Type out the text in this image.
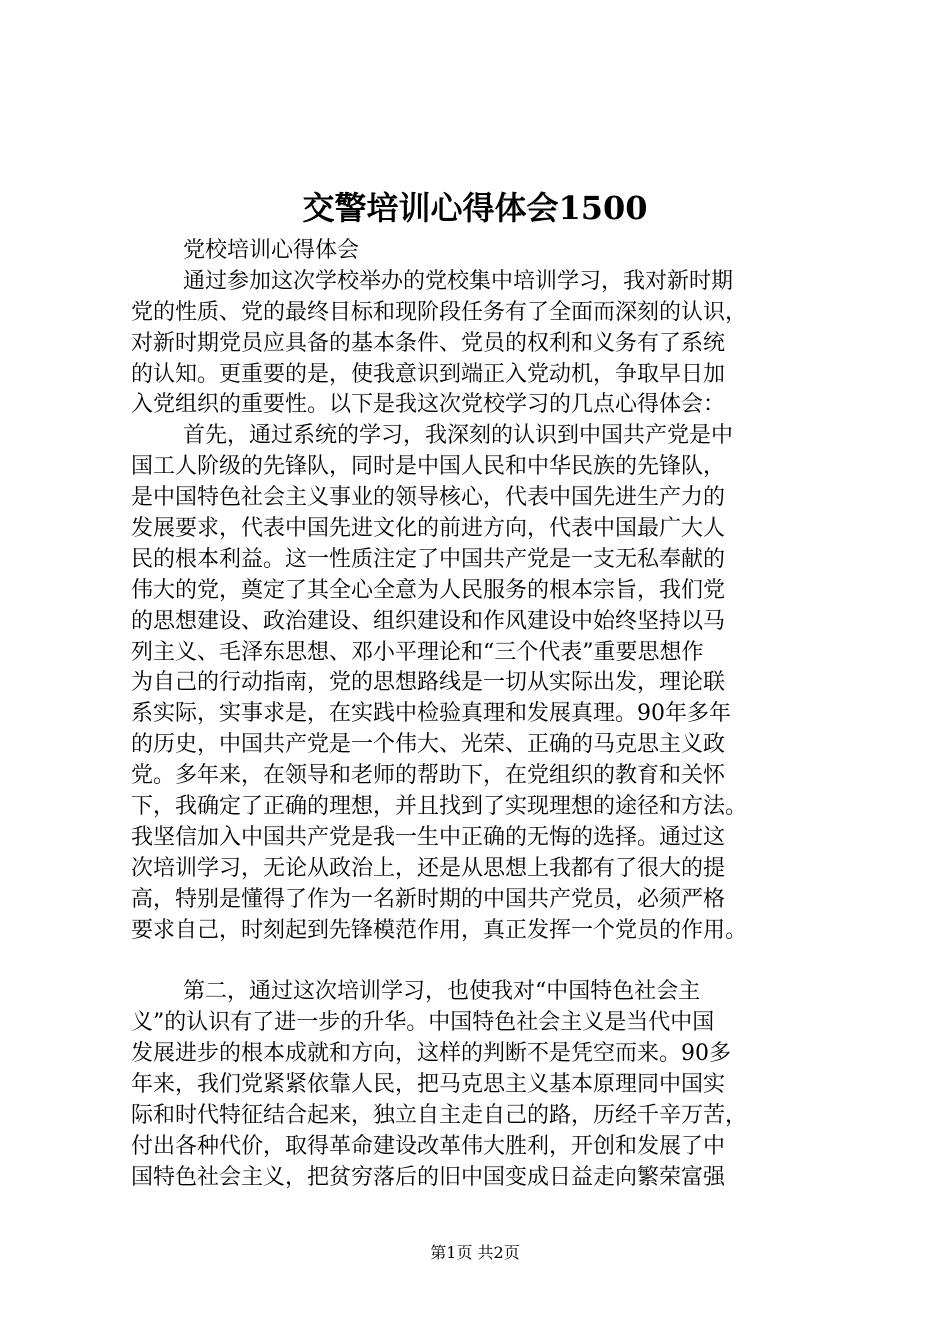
交警培训心得体会1500
党校培训心得体会
通过参加这次学校举办的党校集中培训学习，我对新时期
党的性质、党的最终目标和现阶段任务有了全面而深刻的认识，
对新时期党员应具备的基本条件、党员的权利和义务有了系统
的认知。更重要的是，使我意识到端正入党动机，争取早日加
入党组织的重要性。以下是我这次党校学习的几点心得体会：
首先，通过系统的学习，我深刻的认识到中国共产党是中
国工人阶级的先锋队，同时是中国人民和中华民族的先锋队，
是中国特色社会主义事业的领导核心，代表中国先进生产力的
发展要求，代表中国先进文化的前进方向，代表中国最广大人
民的根本利益。这一性质注定了中国共产党是一支无私奉献的
伟大的党，奠定了其全心全意为人民服务的根本宗旨，我们党
的思想建设、政治建设、组织建设和作风建设中始终坚持以马
列主义、毛泽东思想、邓小平理论和“三个代表”重要思想作
为自己的行动指南，党的思想路线是一切从实际出发，理论联
系实际，实事求是，在实践中检验真理和发展真理。90年多年
的历史，中国共产党是一个伟大、光荣、正确的马克思主义政
党。多年来，在领导和老师的帮助下，在党组织的教育和关怀
下，我确定了正确的理想，并且找到了实现理想的途径和方法。
我坚信加入中国共产党是我一生中正确的无悔的选择。通过这
次培训学习，无论从政治上，还是从思想上我都有了很大的提
高，特别是懂得了作为一名新时期的中国共产党员，必须严格
要求自己，时刻起到先锋模范作用，真正发挥一个党员的作用。
第二，通过这次培训学习，也使我对“中国特色社会主
义”的认识有了进一步的升华。中国特色社会主义是当代中国
发展进步的根本成就和方向，这样的判断不是凭空而来。90多
年来，我们党紧紧依靠人民，把马克思主义基本原理同中国实
际和时代特征结合起来，独立自主走自己的路，历经千辛万苦，
付出各种代价，取得革命建设改革伟大胜利，开创和发展了中
国特色社会主义，把贫穷落后的旧中国变成日益走向繁荣富强
第1页 共2页
